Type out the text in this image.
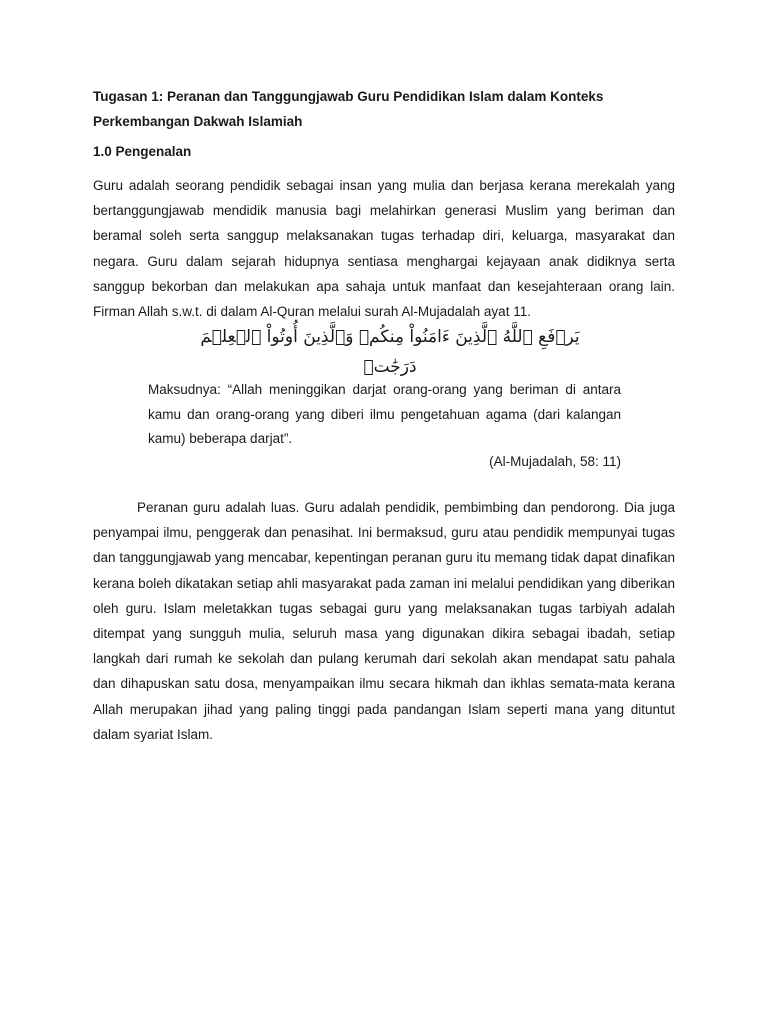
Tugasan 1: Peranan dan Tanggungjawab Guru Pendidikan Islam dalam Konteks Perkembangan Dakwah Islamiah

1.0 Pengenalan

Guru adalah seorang pendidik sebagai insan yang mulia dan berjasa kerana merekalah yang bertanggungjawab mendidik manusia bagi melahirkan generasi Muslim yang beriman dan beramal soleh serta sanggup melaksanakan tugas terhadap diri, keluarga, masyarakat dan negara. Guru dalam sejarah hidupnya sentiasa menghargai kejayaan anak didiknya serta sanggup bekorban dan melakukan apa sahaja untuk manfaat dan kesejahteraan orang lain. Firman Allah s.w.t. di dalam Al-Quran melalui surah Al-Mujadalah ayat 11.

يَرۡفَعِ ٱللَّهُ ٱلَّذِينَ ءَامَنُواْ مِنكُمۡ وَٱلَّذِينَ أُوتُواْ ٱلۡعِلۡمَ دَرَجَٰتٖ

Maksudnya: “Allah meninggikan darjat orang-orang yang beriman di antara kamu dan orang-orang yang diberi ilmu pengetahuan agama (dari kalangan kamu) beberapa darjat”.

(Al-Mujadalah, 58: 11)

Peranan guru adalah luas. Guru adalah pendidik, pembimbing dan pendorong. Dia juga penyampai ilmu, penggerak dan penasihat. Ini bermaksud, guru atau pendidik mempunyai tugas dan tanggungjawab yang mencabar, kepentingan peranan guru itu memang tidak dapat dinafikan kerana boleh dikatakan setiap ahli masyarakat pada zaman ini melalui pendidikan yang diberikan oleh guru. Islam meletakkan tugas sebagai guru yang melaksanakan tugas tarbiyah adalah ditempat yang sungguh mulia, seluruh masa yang digunakan dikira sebagai ibadah, setiap langkah dari rumah ke sekolah dan pulang kerumah dari sekolah akan mendapat satu pahala dan dihapuskan satu dosa, menyampaikan ilmu secara hikmah dan ikhlas semata-mata kerana Allah merupakan jihad yang paling tinggi pada pandangan Islam seperti mana yang dituntut dalam syariat Islam.
